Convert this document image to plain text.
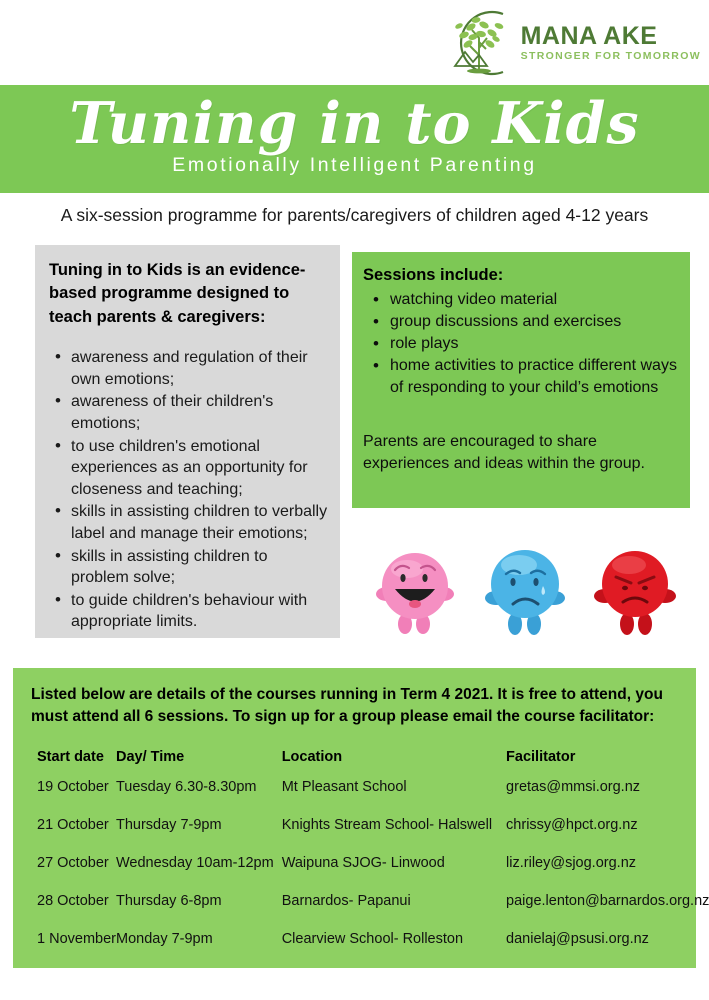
MANA AKE
STRONGER FOR TOMORROW
Tuning in to Kids
Emotionally Intelligent Parenting
A six-session programme for parents/caregivers of children aged 4-12 years
Tuning in to Kids is an evidence-based programme designed to teach parents & caregivers:
• awareness and regulation of their own emotions;
• awareness of their children's emotions;
• to use children's emotional experiences as an opportunity for closeness and teaching;
• skills in assisting children to verbally label and manage their emotions;
• skills in assisting children to problem solve;
• to guide children's behaviour with appropriate limits.
Sessions include:
• watching video material
• group discussions and exercises
• role plays
• home activities to practice different ways of responding to your child’s emotions
Parents are encouraged to share experiences and ideas within the group.
Listed below are details of the courses running in Term 4 2021. It is free to attend, you must attend all 6 sessions. To sign up for a group please email the course facilitator:
Start date	Day/ Time	Location	Facilitator
19 October	Tuesday 6.30-8.30pm	Mt Pleasant School	gretas@mmsi.org.nz
21 October	Thursday 7-9pm	Knights Stream School- Halswell	chrissy@hpct.org.nz
27 October	Wednesday 10am-12pm	Waipuna SJOG- Linwood	liz.riley@sjog.org.nz
28 October	Thursday 6-8pm	Barnardos- Papanui	paige.lenton@barnardos.org.nz
1 November	Monday 7-9pm	Clearview School- Rolleston	danielaj@psusi.org.nz
